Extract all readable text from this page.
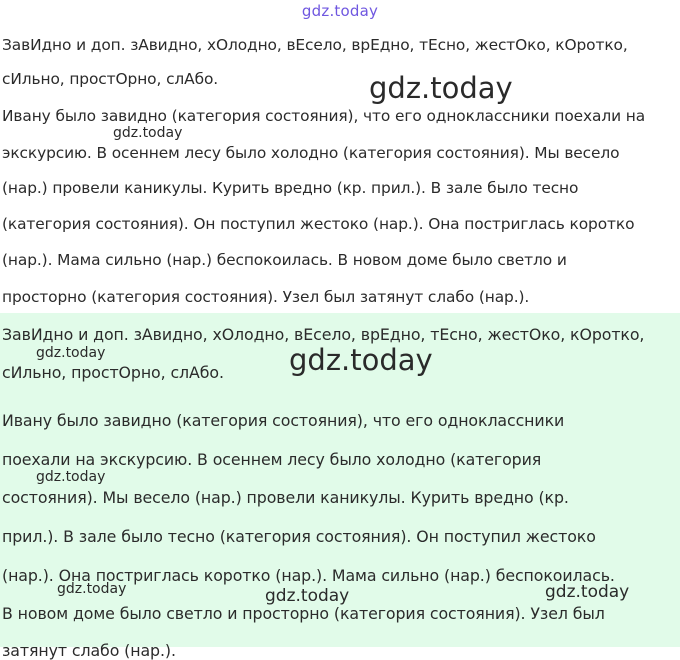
gdz.today
ЗавИдно и доп. зАвидно, хОлодно, вЕсело, врЕдно, тЕсно, жестОко, кОротко,
сИльно, простОрно, слАбо.
Ивану было завидно (категория состояния), что его одноклассники поехали на
экскурсию. В осеннем лесу было холодно (категория состояния). Мы весело
(нар.) провели каникулы. Курить вредно (кр. прил.). В зале было тесно
(категория состояния). Он поступил жестоко (нар.). Она постриглась коротко
(нар.). Мама сильно (нар.) беспокоилась. В новом доме было светло и
просторно (категория состояния). Узел был затянут слабо (нар.).
ЗавИдно и доп. зАвидно, хОлодно, вЕсело, врЕдно, тЕсно, жестОко, кОротко,
сИльно, простОрно, слАбо.
Ивану было завидно (категория состояния), что его одноклассники
поехали на экскурсию. В осеннем лесу было холодно (категория
состояния). Мы весело (нар.) провели каникулы. Курить вредно (кр.
прил.). В зале было тесно (категория состояния). Он поступил жестоко
(нар.). Она постриглась коротко (нар.). Мама сильно (нар.) беспокоилась.
В новом доме было светло и просторно (категория состояния). Узел был
затянут слабо (нар.).
gdz.today
gdz.today
gdz.today
gdz.today
gdz.today
gdz.today	gdz.today	gdz.today
